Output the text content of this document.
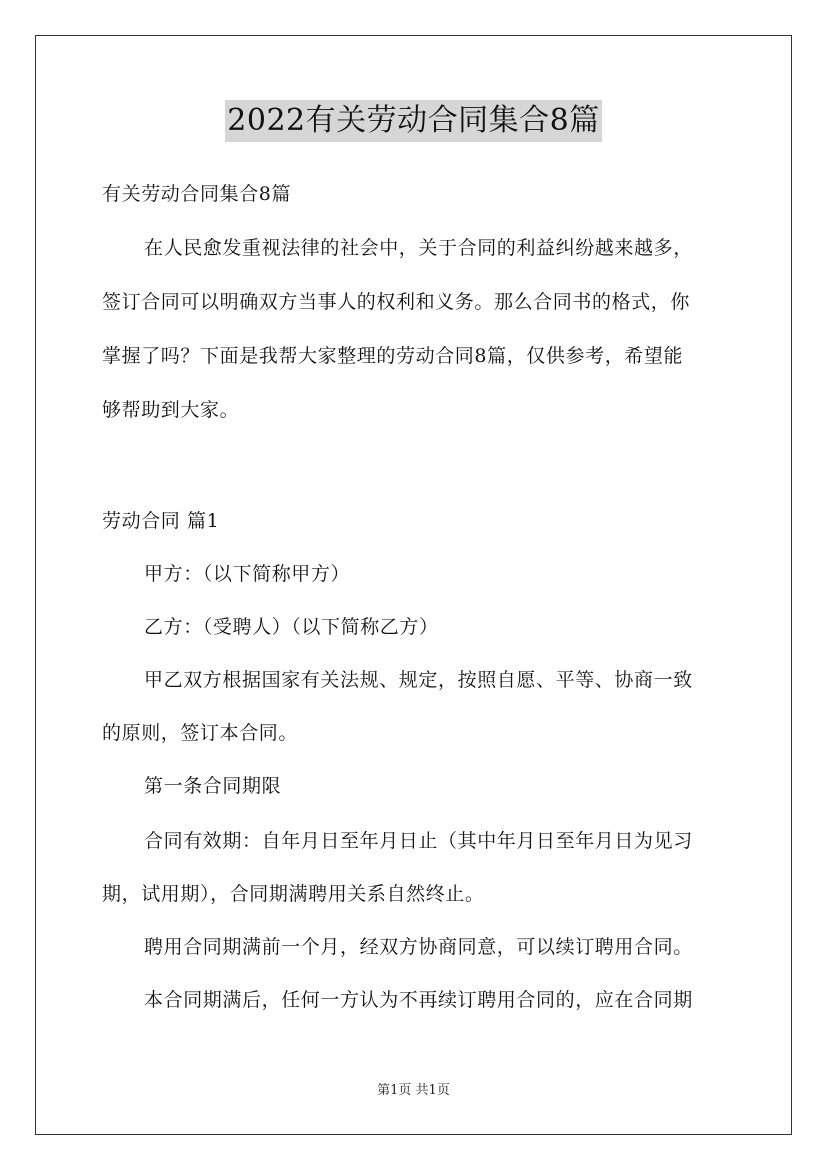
2022有关劳动合同集合8篇
有关劳动合同集合8篇
在人民愈发重视法律的社会中，关于合同的利益纠纷越来越多，
签订合同可以明确双方当事人的权利和义务。那么合同书的格式，你
掌握了吗？下面是我帮大家整理的劳动合同8篇，仅供参考，希望能
够帮助到大家。
劳动合同 篇1
甲方：（以下简称甲方）
乙方：（受聘人）（以下简称乙方）
甲乙双方根据国家有关法规、规定，按照自愿、平等、协商一致
的原则，签订本合同。
第一条合同期限
合同有效期：自年月日至年月日止（其中年月日至年月日为见习
期，试用期），合同期满聘用关系自然终止。
聘用合同期满前一个月，经双方协商同意，可以续订聘用合同。
本合同期满后，任何一方认为不再续订聘用合同的，应在合同期
第1页 共1页
